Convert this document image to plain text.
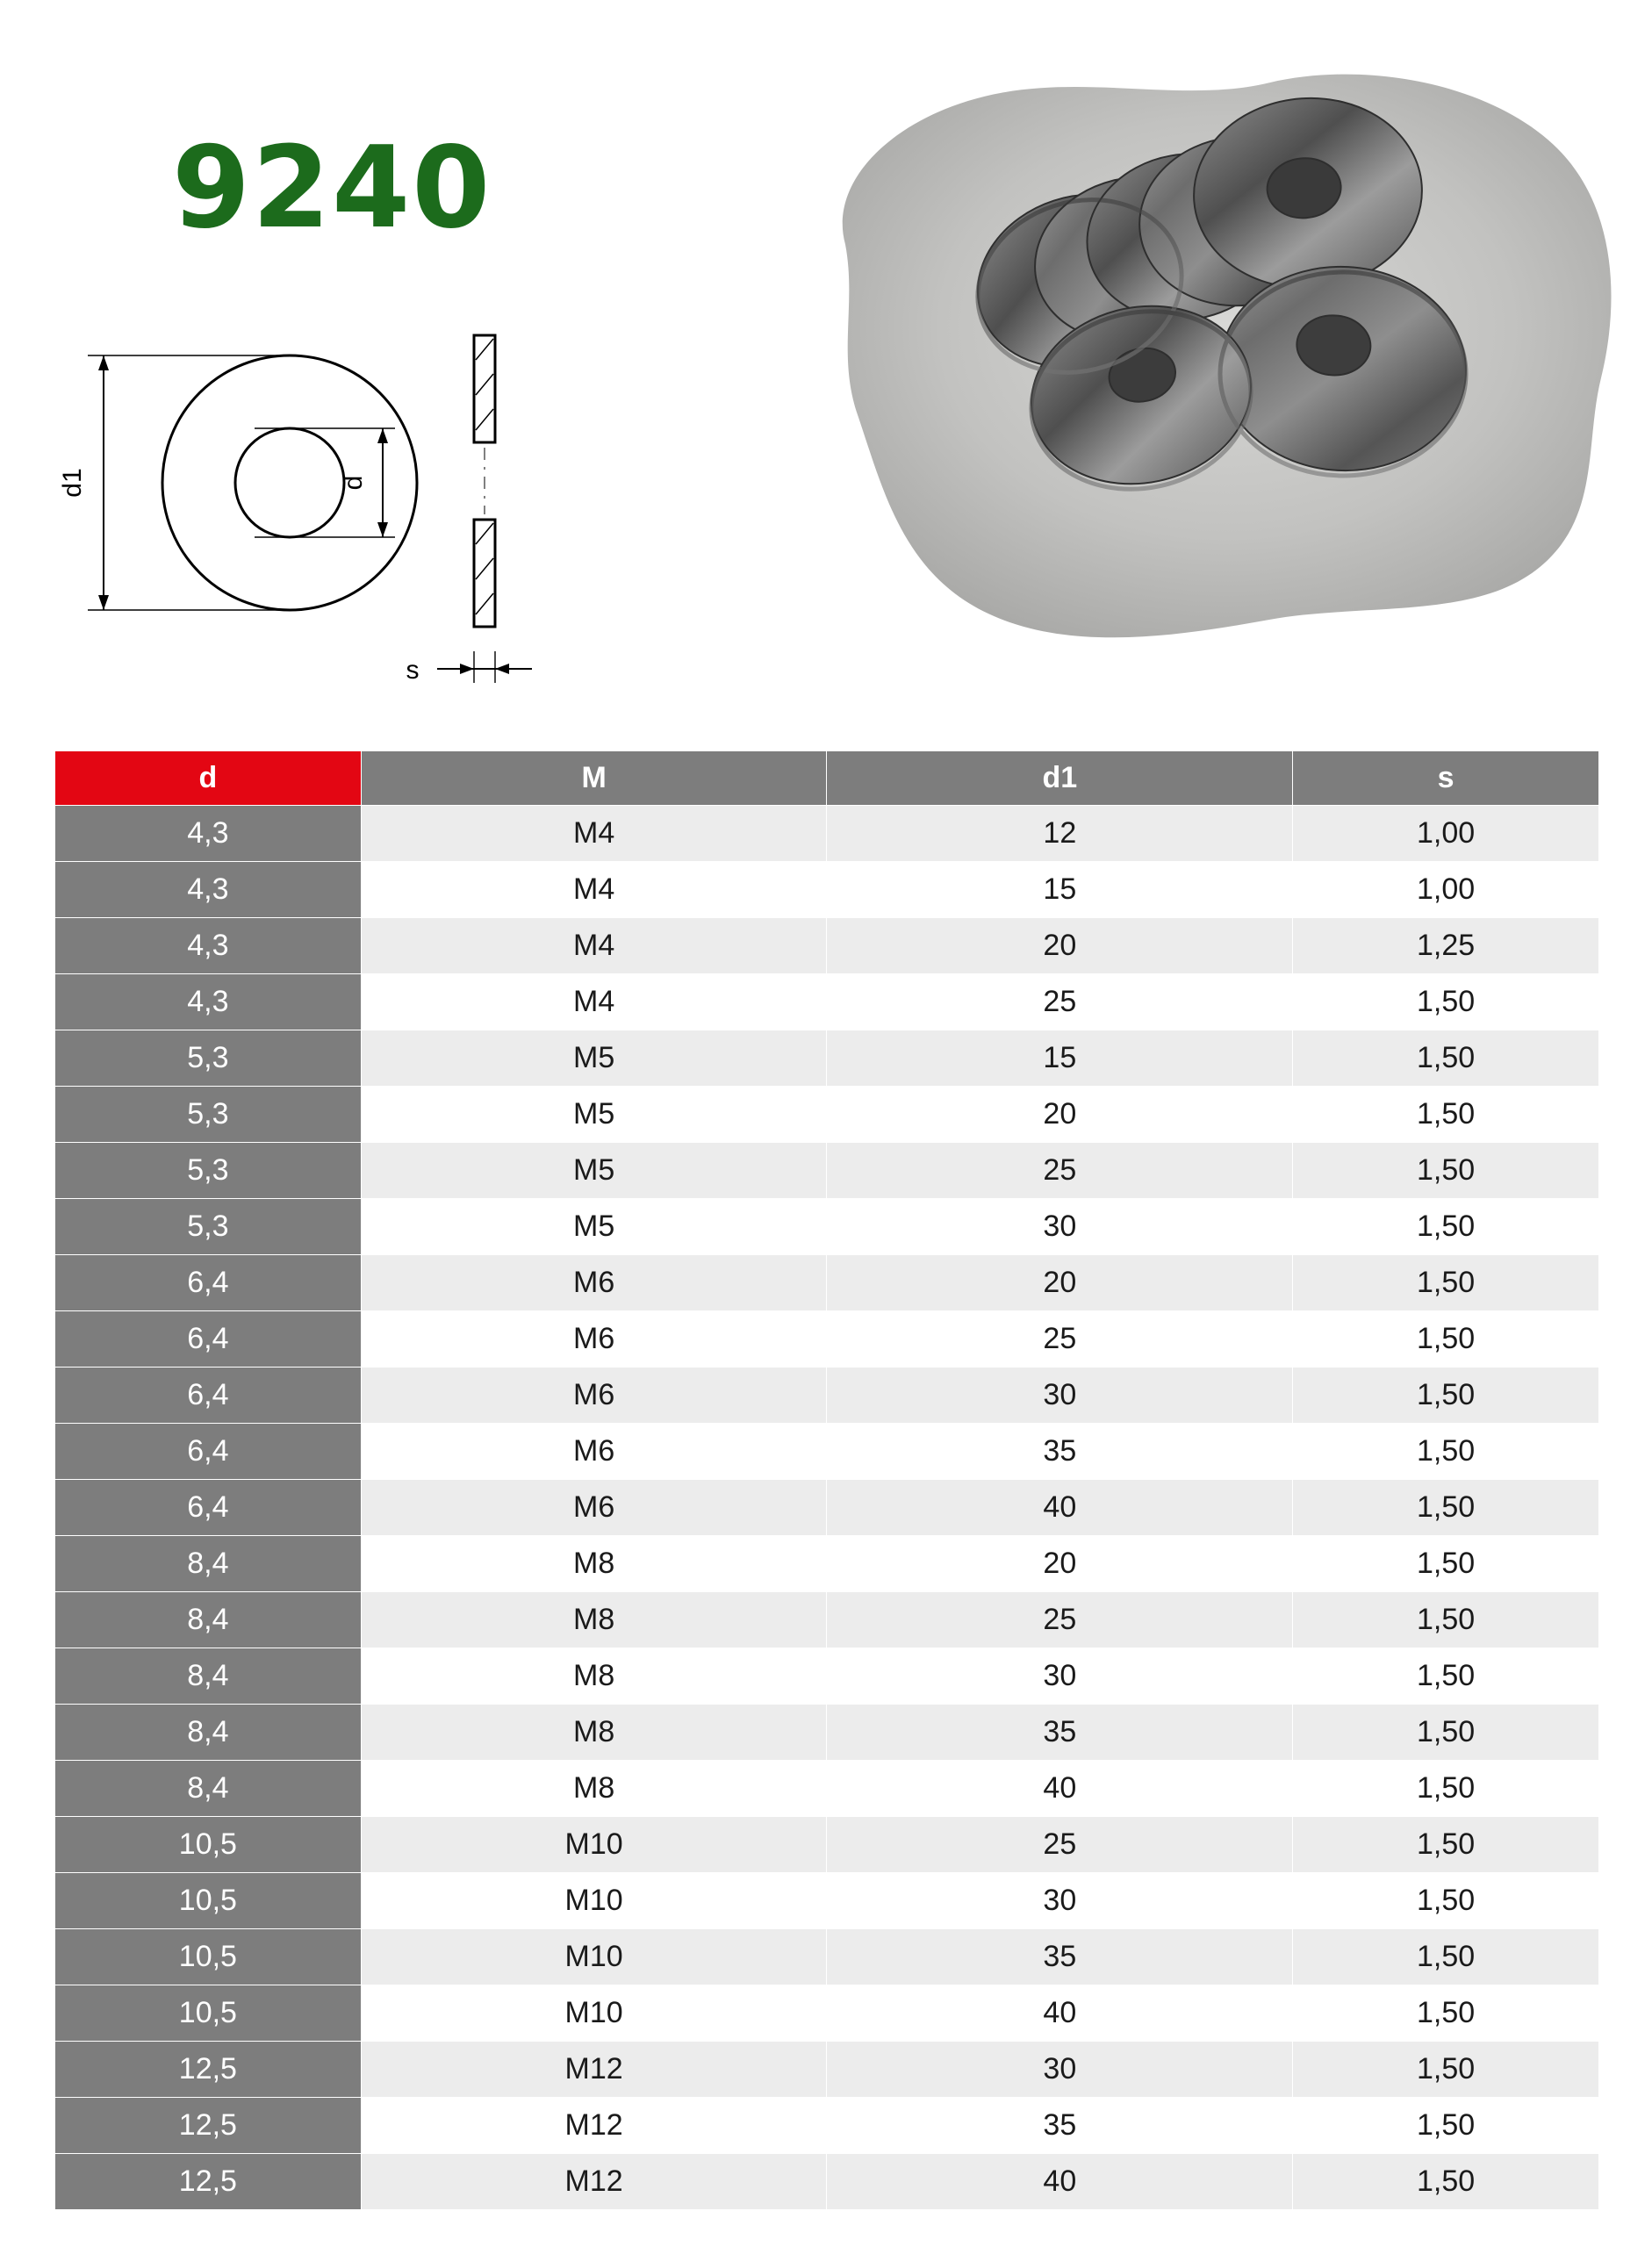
9240
d1	d
s
d	M	d1	s
4,3	M4	12	1,00
4,3	M4	15	1,00
4,3	M4	20	1,25
4,3	M4	25	1,50
5,3	M5	15	1,50
5,3	M5	20	1,50
5,3	M5	25	1,50
5,3	M5	30	1,50
6,4	M6	20	1,50
6,4	M6	25	1,50
6,4	M6	30	1,50
6,4	M6	35	1,50
6,4	M6	40	1,50
8,4	M8	20	1,50
8,4	M8	25	1,50
8,4	M8	30	1,50
8,4	M8	35	1,50
8,4	M8	40	1,50
10,5	M10	25	1,50
10,5	M10	30	1,50
10,5	M10	35	1,50
10,5	M10	40	1,50
12,5	M12	30	1,50
12,5	M12	35	1,50
12,5	M12	40	1,50
